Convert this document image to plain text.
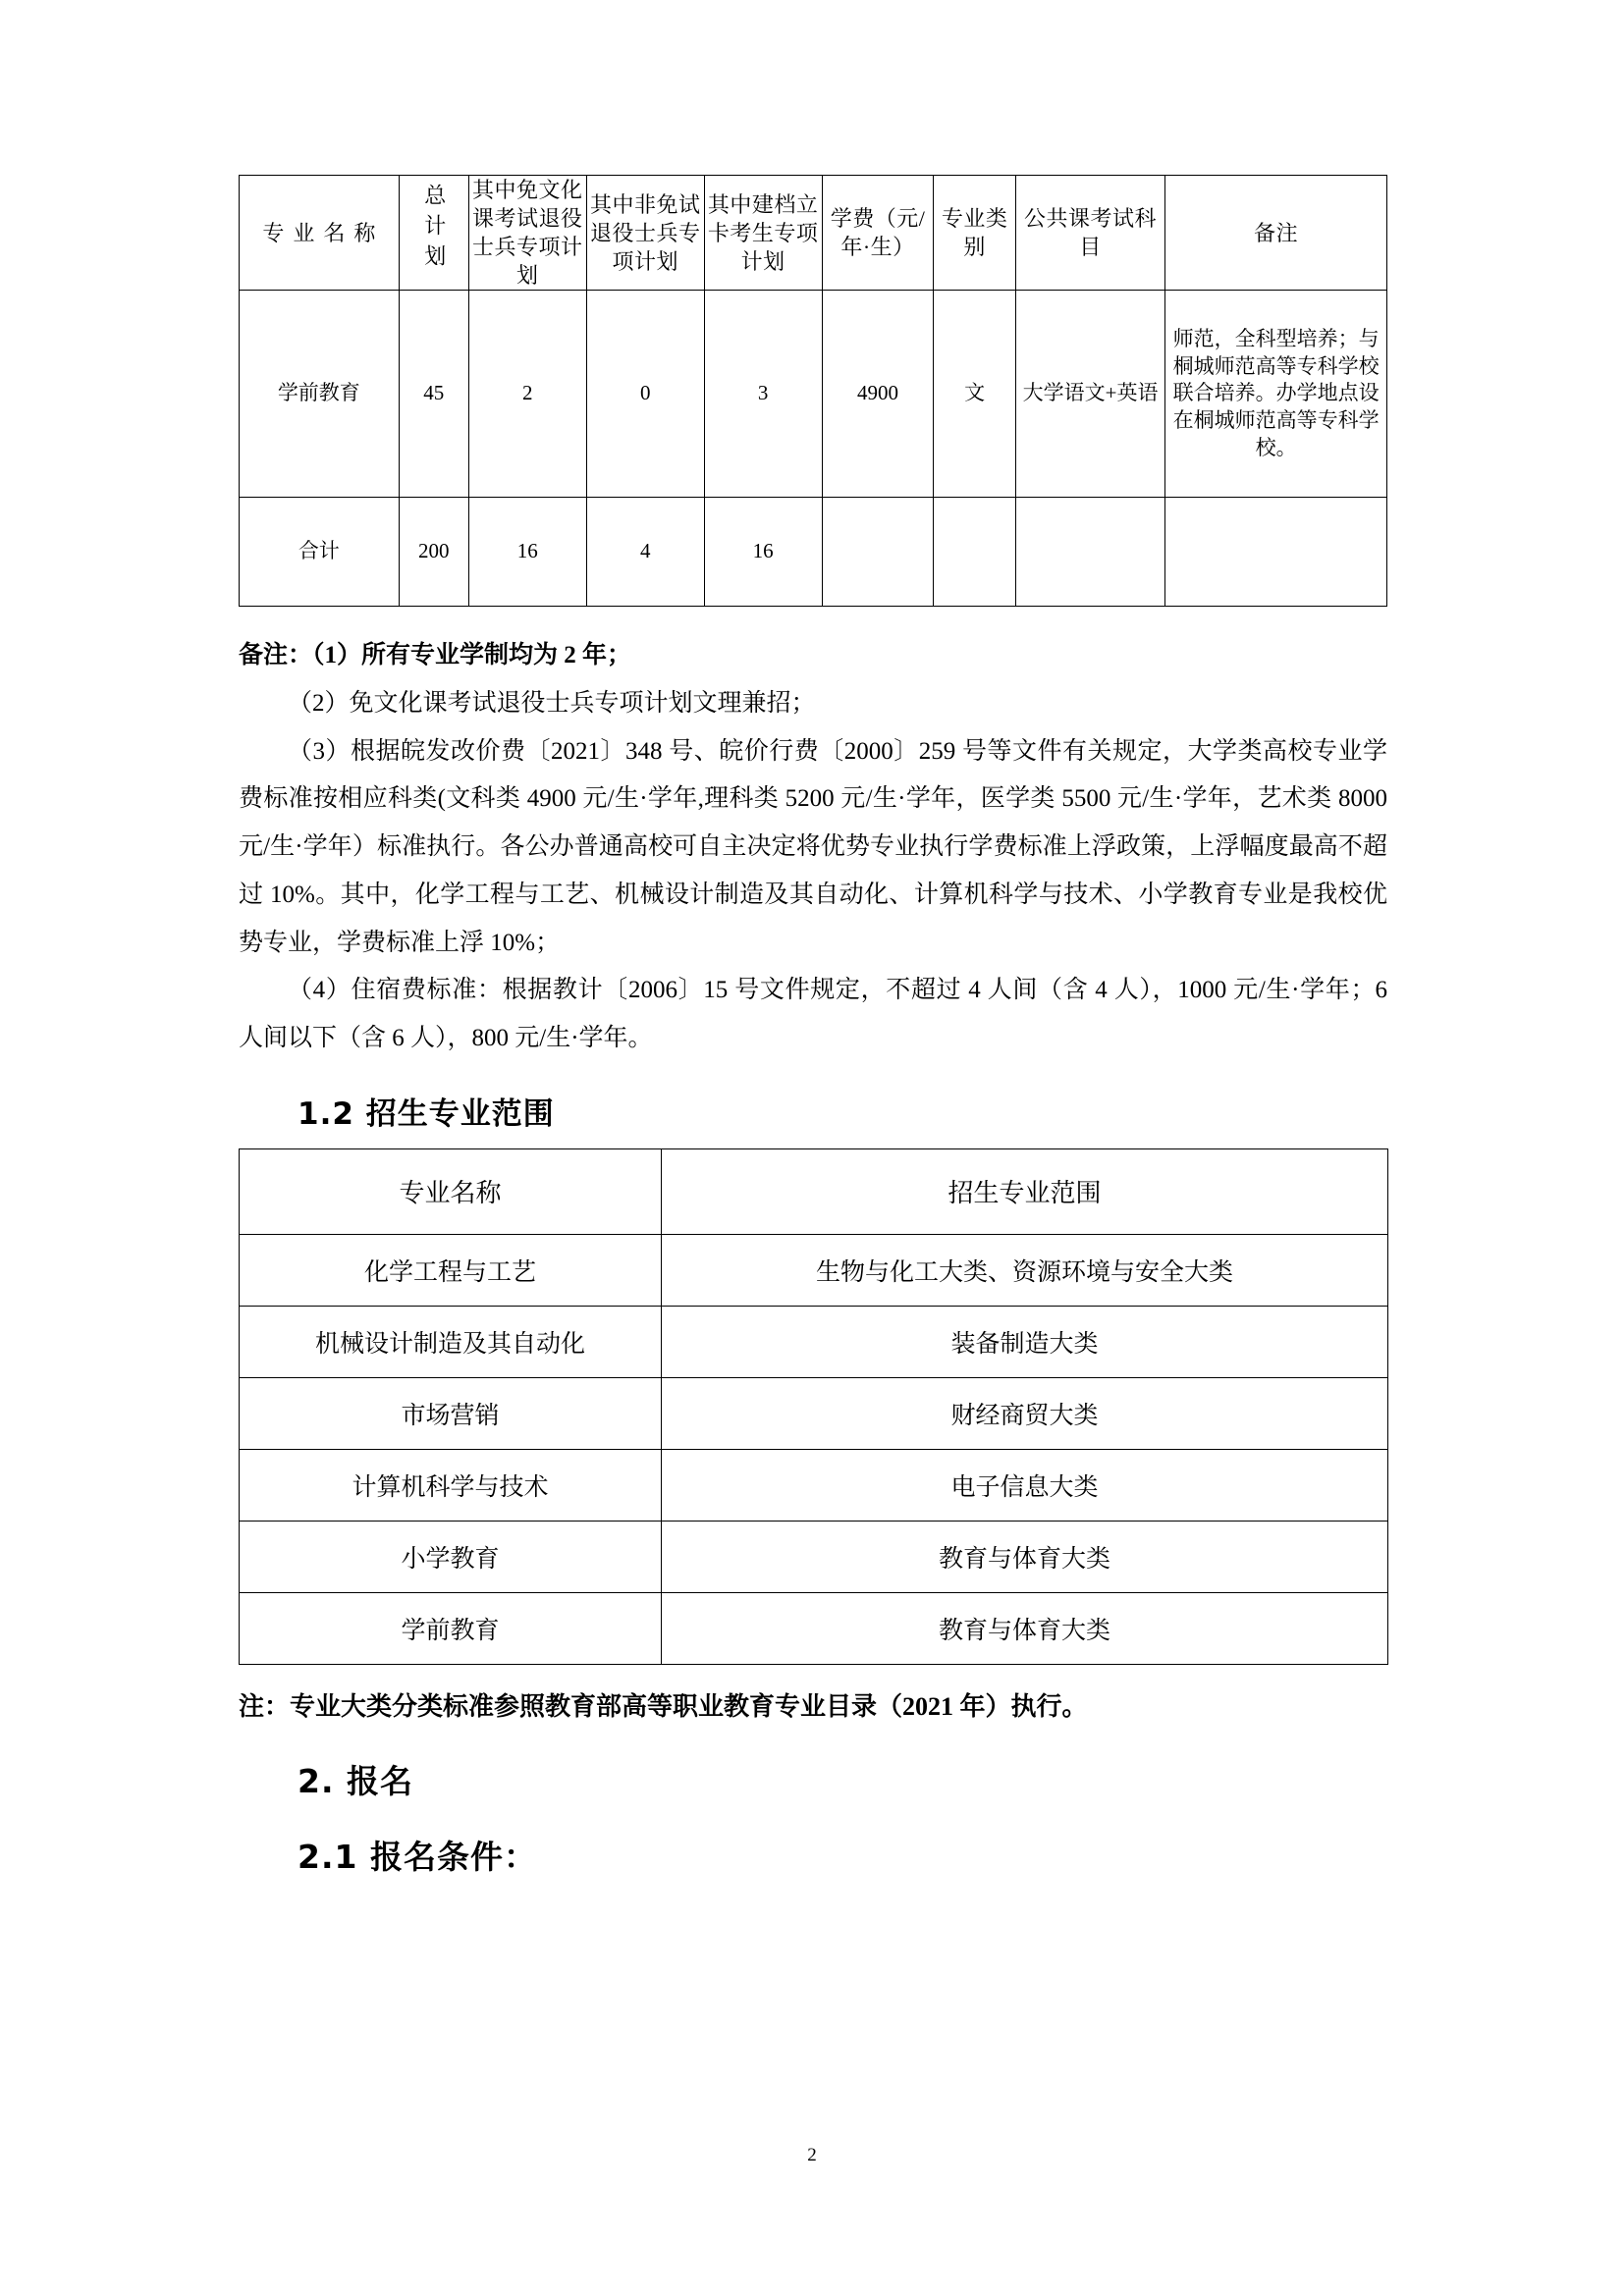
专业名称	总计划	其中免文化课考试退役士兵专项计划	其中非免试退役士兵专项计划	其中建档立卡考生专项计划	学费（元/年·生）	专业类别	公共课考试科目	备注
学前教育	45	2	0	3	4900	文	大学语文+英语	师范，全科型培养；与桐城师范高等专科学校联合培养。办学地点设在桐城师范高等专科学校。
合计	200	16	4	16				

备注：（1）所有专业学制均为 2 年；

（2）免文化课考试退役士兵专项计划文理兼招；

（3）根据皖发改价费〔2021〕348 号、皖价行费〔2000〕259 号等文件有关规定，大学类高校专业学费标准按相应科类(文科类 4900 元/生·学年,理科类 5200 元/生·学年，医学类 5500 元/生·学年，艺术类 8000 元/生·学年）标准执行。各公办普通高校可自主决定将优势专业执行学费标准上浮政策，上浮幅度最高不超过 10%。其中，化学工程与工艺、机械设计制造及其自动化、计算机科学与技术、小学教育专业是我校优势专业，学费标准上浮 10%；

（4）住宿费标准：根据教计〔2006〕15 号文件规定，不超过 4 人间（含 4 人），1000 元/生·学年；6 人间以下（含 6 人），800 元/生·学年。

1.2 招生专业范围
专业名称	招生专业范围
化学工程与工艺	生物与化工大类、资源环境与安全大类
机械设计制造及其自动化	装备制造大类
市场营销	财经商贸大类
计算机科学与技术	电子信息大类
小学教育	教育与体育大类
学前教育	教育与体育大类
注：专业大类分类标准参照教育部高等职业教育专业目录（2021 年）执行。
2. 报名
2.1 报名条件：
2
